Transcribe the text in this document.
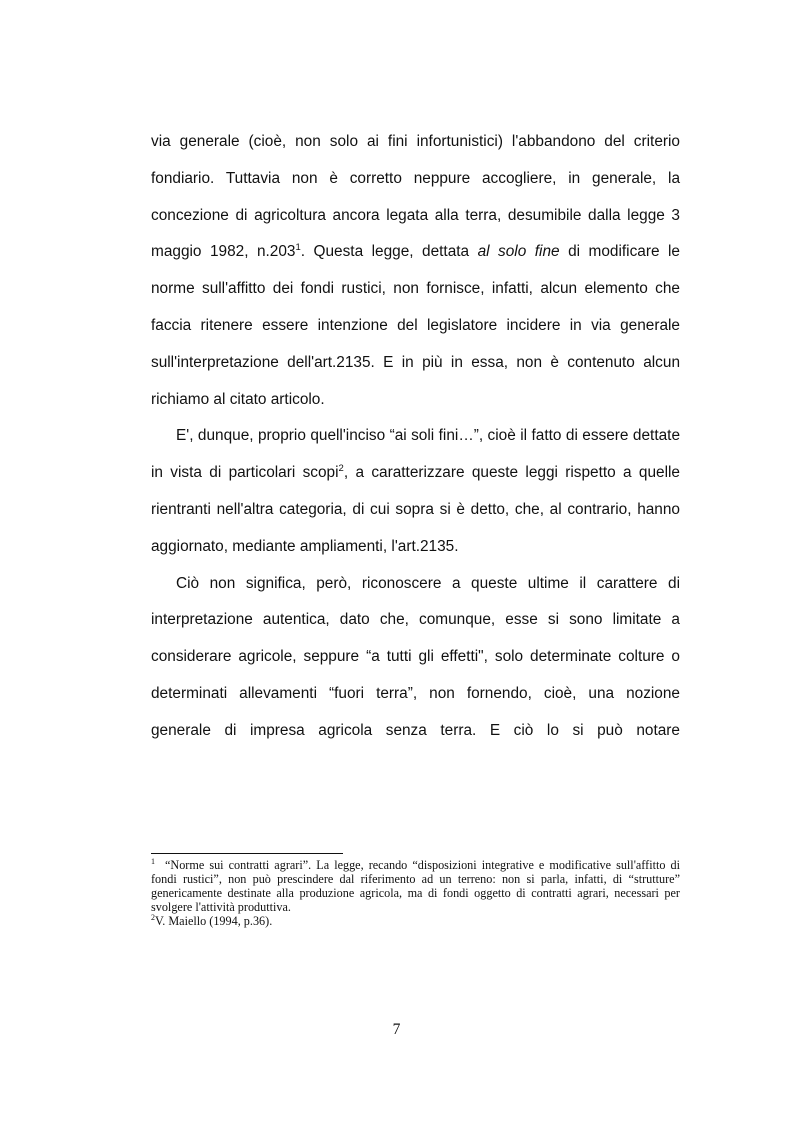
via generale (cioè, non solo ai fini infortunistici) l'abbandono del criterio fondiario. Tuttavia non è corretto neppure accogliere, in generale, la concezione di agricoltura ancora legata alla terra, desumibile dalla legge 3 maggio 1982, n.203$^1$. Questa legge, dettata al solo fine di modificare le norme sull'affitto dei fondi rustici, non fornisce, infatti, alcun elemento che faccia ritenere essere intenzione del legislatore incidere in via generale sull'interpretazione dell'art.2135. E in più in essa, non è contenuto alcun richiamo al citato articolo.

E', dunque, proprio quell'inciso “ai soli fini…”, cioè il fatto di essere dettate in vista di particolari scopi$^2$, a caratterizzare queste leggi rispetto a quelle rientranti nell'altra categoria, di cui sopra si è detto, che, al contrario, hanno aggiornato, mediante ampliamenti, l'art.2135.

Ciò non significa, però, riconoscere a queste ultime il carattere di interpretazione autentica, dato che, comunque, esse si sono limitate a considerare agricole, seppure “a tutti gli effetti", solo determinate colture o determinati allevamenti “fuori terra”, non fornendo, cioè, una nozione generale di impresa agricola senza terra. E ciò lo si può notare

$^1$ “Norme sui contratti agrari”. La legge, recando “disposizioni integrative e modificative sull'affitto di fondi rustici”, non può prescindere dal riferimento ad un terreno: non si parla, infatti, di “strutture” genericamente destinate alla produzione agricola, ma di fondi oggetto di contratti agrari, necessari per svolgere l'attività produttiva.

$^2$V. Maiello (1994, p.36).

7
